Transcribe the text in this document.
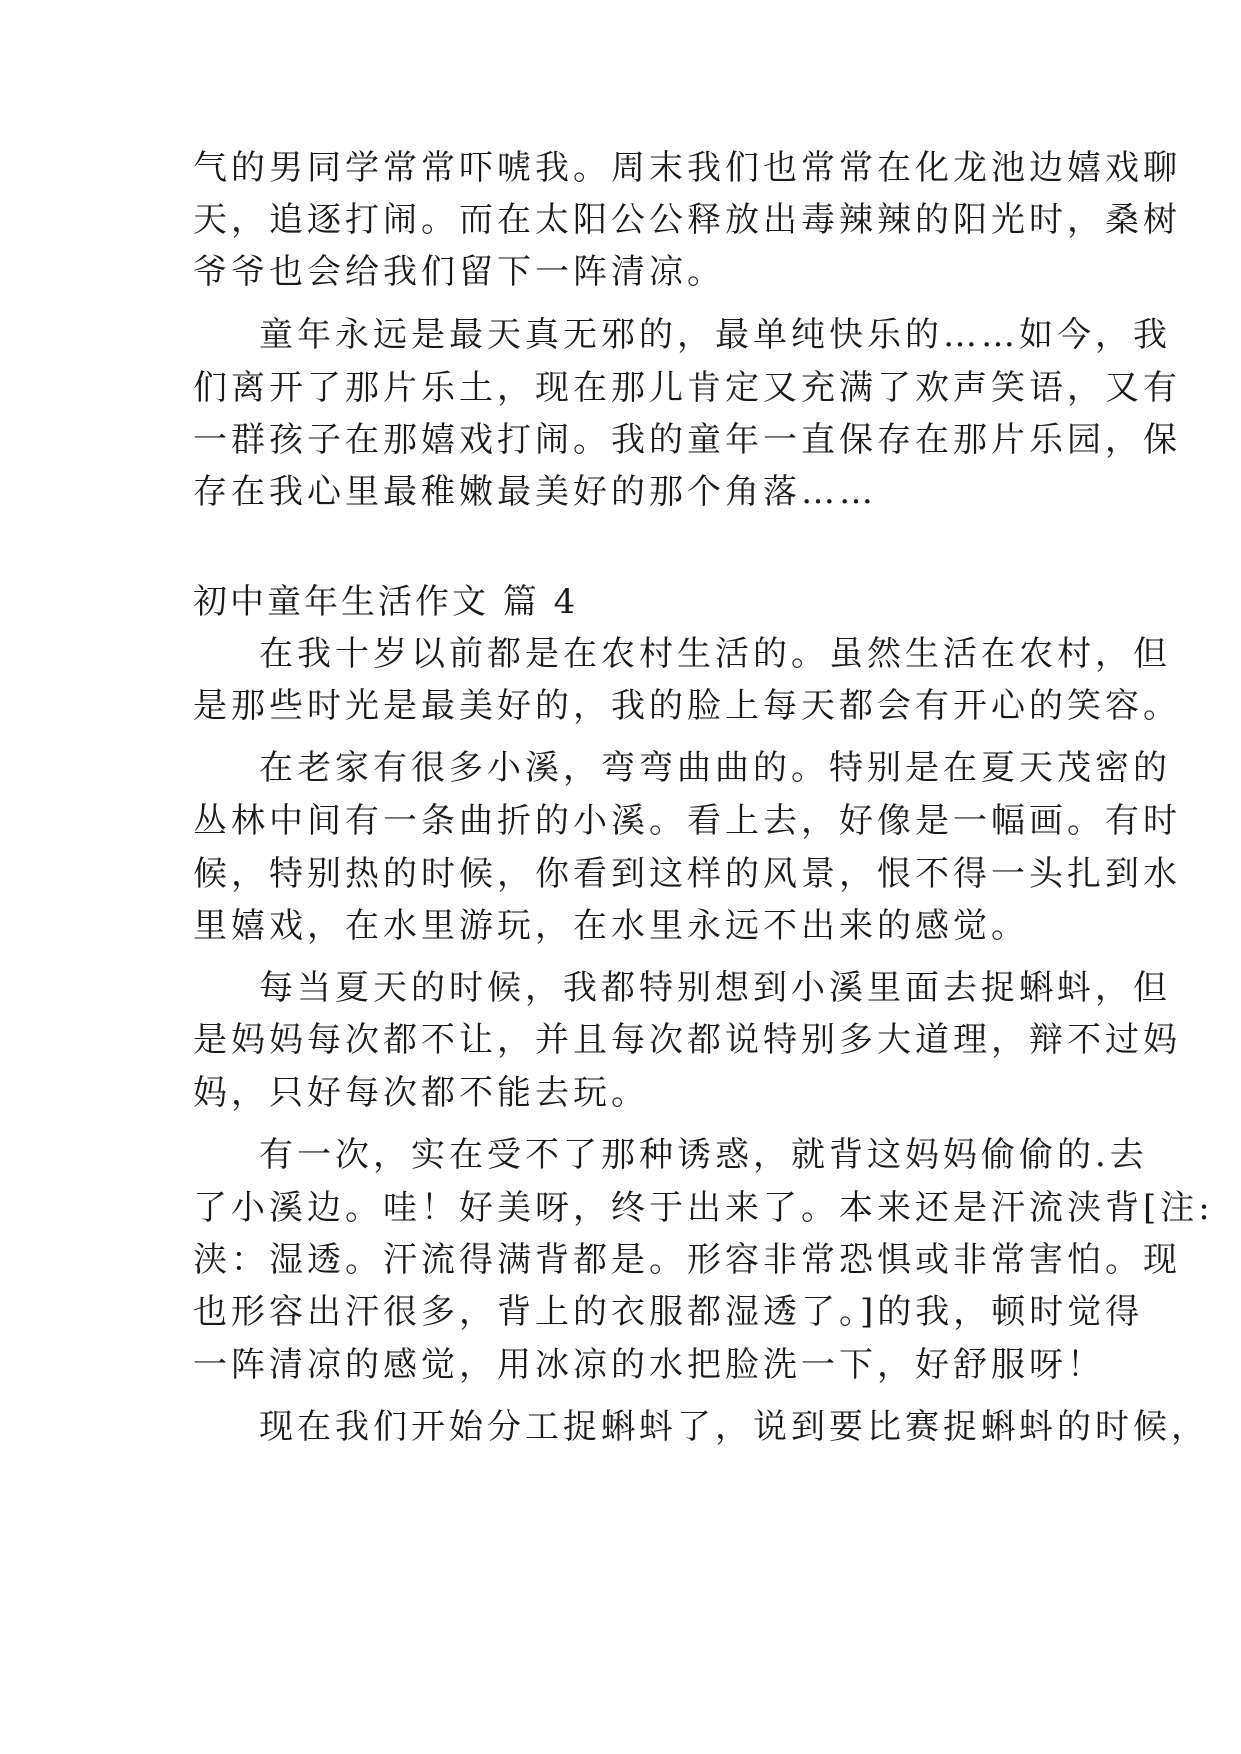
气的男同学常常吓唬我。周末我们也常常在化龙池边嬉戏聊
天，追逐打闹。而在太阳公公释放出毒辣辣的阳光时，桑树
爷爷也会给我们留下一阵清凉。
童年永远是最天真无邪的，最单纯快乐的……如今，我
们离开了那片乐土，现在那儿肯定又充满了欢声笑语，又有
一群孩子在那嬉戏打闹。我的童年一直保存在那片乐园，保
存在我心里最稚嫩最美好的那个角落……
初中童年生活作文 篇 4
在我十岁以前都是在农村生活的。虽然生活在农村，但
是那些时光是最美好的，我的脸上每天都会有开心的笑容。
在老家有很多小溪，弯弯曲曲的。特别是在夏天茂密的
丛林中间有一条曲折的小溪。看上去，好像是一幅画。有时
候，特别热的时候，你看到这样的风景，恨不得一头扎到水
里嬉戏，在水里游玩，在水里永远不出来的感觉。
每当夏天的时候，我都特别想到小溪里面去捉蝌蚪，但
是妈妈每次都不让，并且每次都说特别多大道理，辩不过妈
妈，只好每次都不能去玩。
有一次，实在受不了那种诱惑，就背这妈妈偷偷的.去
了小溪边。哇！好美呀，终于出来了。本来还是汗流浃背[注:
浃：湿透。汗流得满背都是。形容非常恐惧或非常害怕。现
也形容出汗很多，背上的衣服都湿透了。]的我，顿时觉得
一阵清凉的感觉，用冰凉的水把脸洗一下，好舒服呀！
现在我们开始分工捉蝌蚪了，说到要比赛捉蝌蚪的时候，
